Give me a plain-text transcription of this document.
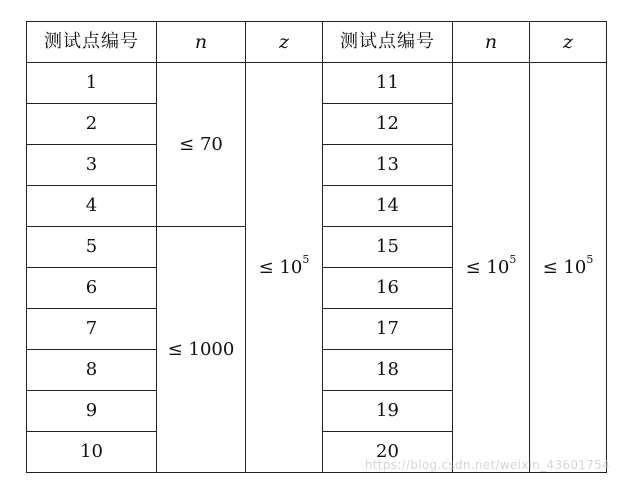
测试点编号	n	z	测试点编号	n	z
1	≤ 70	≤ $10^5$	11	≤ $10^5$	≤ $10^5$
2			12		
3			13		
4			14		
5	≤ 1000		15		
6			16		
7			17		
8			18		
9			19		
10			20		
https://blog.csdn.net/weixin_43601754
